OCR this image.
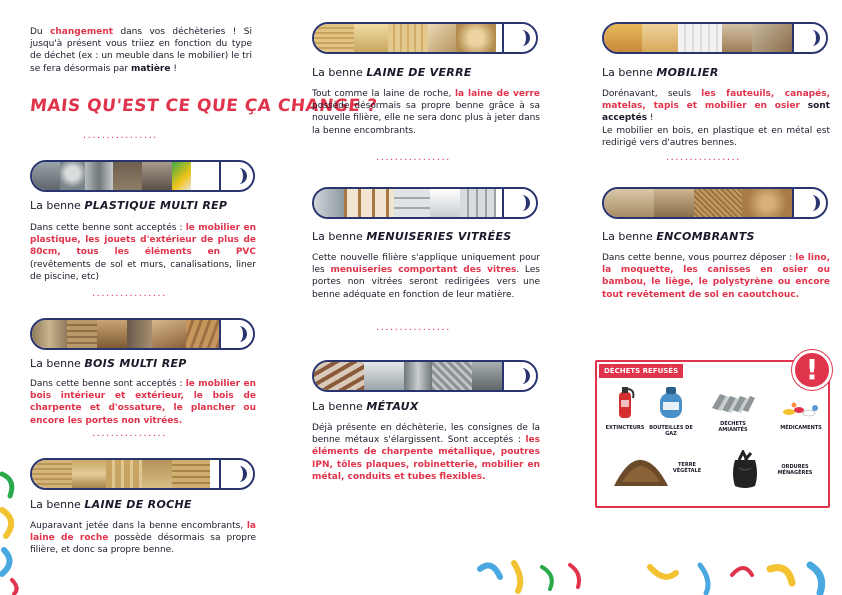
Du changement dans vos déchèteries ! Si jusqu'à présent vous triiez en fonction du type de déchet (ex : un meuble dans le mobilier) le tri se fera désormais par matière !
MAIS QU'EST CE QUE ÇA CHANGE ?
................
La benne PLASTIQUE MULTI REP
Dans cette benne sont acceptés : le mobilier en plastique, les jouets d'extérieur de plus de 80cm, tous les éléments en PVC (revêtements de sol et murs, canalisations, liner de piscine, etc)
................
La benne BOIS MULTI REP
Dans cette benne sont acceptés : le mobilier en bois intérieur et extérieur, le bois de charpente et d'ossature, le plancher ou encore les portes non vitrées.
................
La benne LAINE DE ROCHE
Auparavant jetée dans la benne encombrants, la laine de roche possède désormais sa propre filière, et donc sa propre benne.
La benne LAINE DE VERRE
Tout comme la laine de roche, la laine de verre possède désormais sa propre benne grâce à sa nouvelle filière, elle ne sera donc plus à jeter dans la benne encombrants.
................
La benne MENUISERIES VITRÉES
Cette nouvelle filière s'applique uniquement pour les menuiseries comportant des vitres. Les portes non vitrées seront redirigées vers une benne adéquate en fonction de leur matière.
................
La benne MÉTAUX
Déjà présente en déchèterie, les consignes de la benne métaux s'élargissent. Sont acceptés : les éléments de charpente métallique, poutres IPN, tôles plaques, robinetterie, mobilier en métal, conduits et tubes flexibles.
La benne MOBILIER
Dorénavant, seuls les fauteuils, canapés, matelas, tapis et mobilier en osier sont acceptés !
Le mobilier en bois, en plastique et en métal est redirigé vers d'autres bennes.
................
La benne ENCOMBRANTS
Dans cette benne, vous pourrez déposer : le lino, la moquette, les canisses en osier ou bambou, le liège, le polystyrène ou encore tout revêtement de sol en caoutchouc.
DÉCHETS REFUSÉS	!
EXTINCTEURS BOUTEILLES DE GAZ
DÉCHETS AMIANTÉS	MÉDICAMENTS
TERRE VÉGÉTALE
ORDURES MÉNAGÈRES
